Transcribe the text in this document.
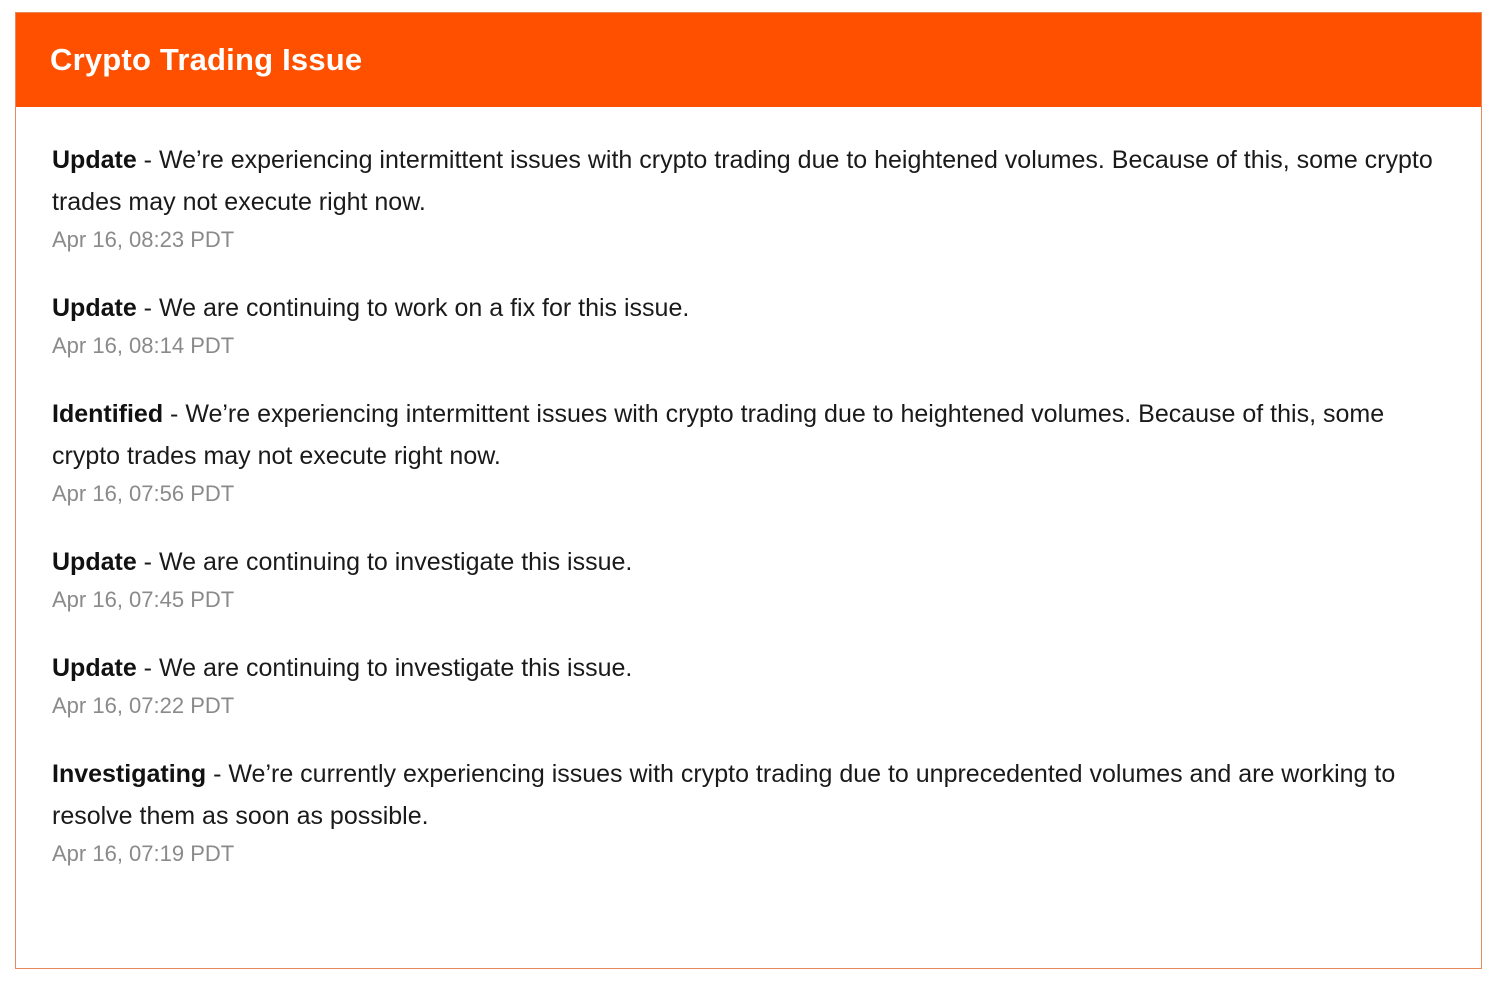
Crypto Trading Issue
Update - We’re experiencing intermittent issues with crypto trading due to heightened volumes. Because of this, some crypto trades may not execute right now.
Apr 16, 08:23 PDT
Update - We are continuing to work on a fix for this issue.
Apr 16, 08:14 PDT
Identified - We’re experiencing intermittent issues with crypto trading due to heightened volumes. Because of this, some crypto trades may not execute right now.
Apr 16, 07:56 PDT
Update - We are continuing to investigate this issue.
Apr 16, 07:45 PDT
Update - We are continuing to investigate this issue.
Apr 16, 07:22 PDT
Investigating - We’re currently experiencing issues with crypto trading due to unprecedented volumes and are working to resolve them as soon as possible.
Apr 16, 07:19 PDT
